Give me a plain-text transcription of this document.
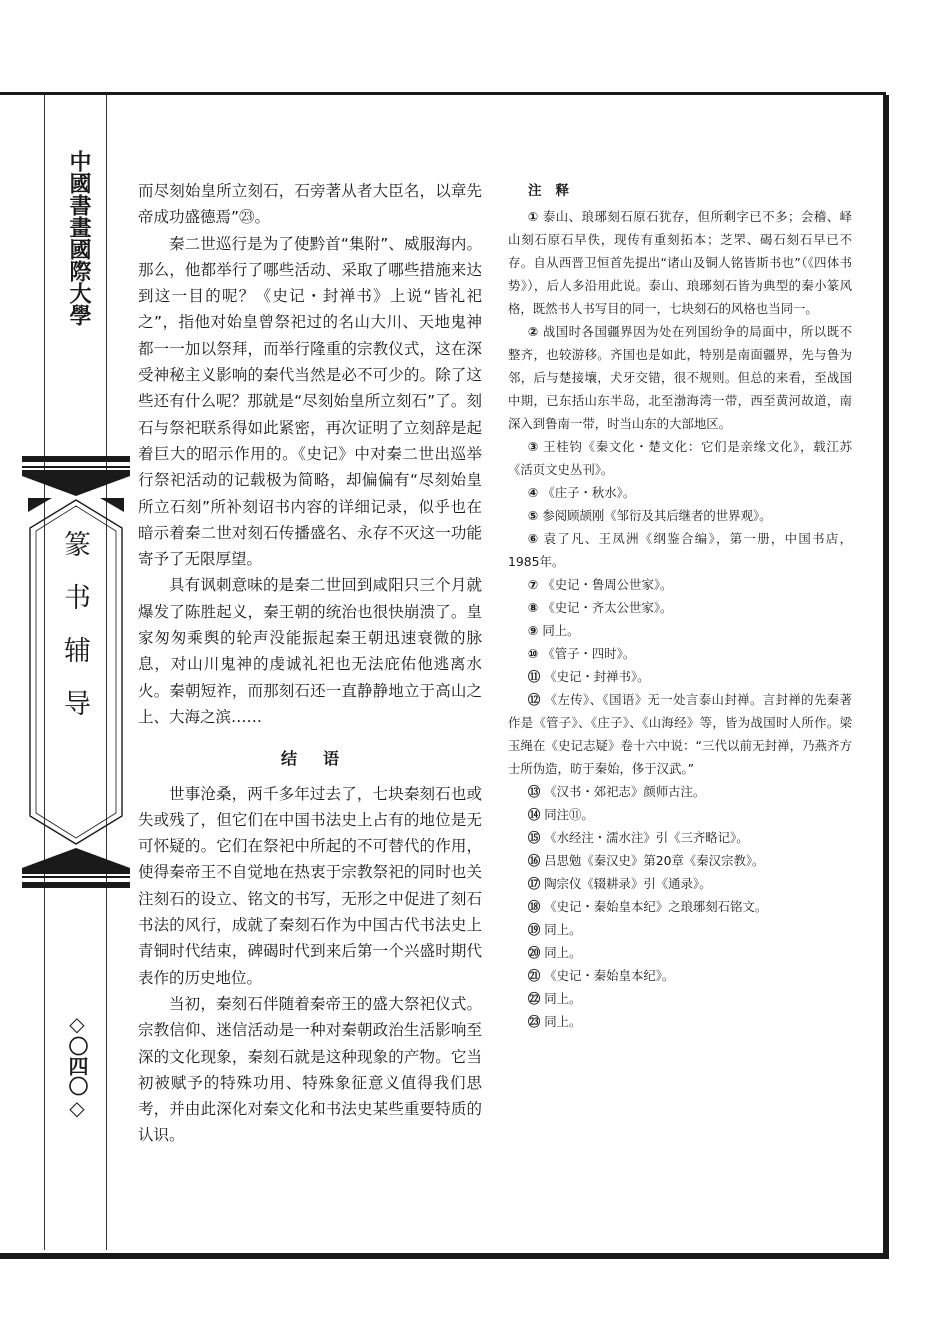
中國書畫國際大學
篆书辅导
◇〇四〇◇

而尽刻始皇所立刻石，石旁著从者大臣名，以章先帝成功盛德焉”㉓。

秦二世巡行是为了使黔首“集附”、威服海内。那么，他都举行了哪些活动、采取了哪些措施来达到这一目的呢？《史记・封禅书》上说“皆礼祀之”，指他对始皇曾祭祀过的名山大川、天地鬼神都一一加以祭拜，而举行隆重的宗教仪式，这在深受神秘主义影响的秦代当然是必不可少的。除了这些还有什么呢？那就是“尽刻始皇所立刻石”了。刻石与祭祀联系得如此紧密，再次证明了立刻辞是起着巨大的昭示作用的。《史记》中对秦二世出巡举行祭祀活动的记载极为简略，却偏偏有“尽刻始皇所立石刻”所补刻诏书内容的详细记录，似乎也在暗示着秦二世对刻石传播盛名、永存不灭这一功能寄予了无限厚望。

具有讽刺意味的是秦二世回到咸阳只三个月就爆发了陈胜起义，秦王朝的统治也很快崩溃了。皇家匆匆乘舆的轮声没能振起秦王朝迅速衰微的脉息，对山川鬼神的虔诚礼祀也无法庇佑他逃离水火。秦朝短祚，而那刻石还一直静静地立于高山之上、大海之滨……

结语

世事沧桑，两千多年过去了，七块秦刻石也或失或残了，但它们在中国书法史上占有的地位是无可怀疑的。它们在祭祀中所起的不可替代的作用，使得秦帝王不自觉地在热衷于宗教祭祀的同时也关注刻石的设立、铭文的书写，无形之中促进了刻石书法的风行，成就了秦刻石作为中国古代书法史上青铜时代结束，碑碣时代到来后第一个兴盛时期代表作的历史地位。

当初，秦刻石伴随着秦帝王的盛大祭祀仪式。宗教信仰、迷信活动是一种对秦朝政治生活影响至深的文化现象，秦刻石就是这种现象的产物。它当初被赋予的特殊功用、特殊象征意义值得我们思考，并由此深化对秦文化和书法史某些重要特质的认识。

注释

① 泰山、琅琊刻石原石犹存，但所剩字已不多；会稽、峄山刻石原石早佚，现传有重刻拓本；芝罘、碣石刻石早已不存。自从西晋卫恒首先提出“诸山及铜人铭皆斯书也”（《四体书势》），后人多沿用此说。泰山、琅琊刻石皆为典型的秦小篆风格，既然书人书写目的同一，七块刻石的风格也当同一。

② 战国时各国疆界因为处在列国纷争的局面中，所以既不整齐，也较游移。齐国也是如此，特别是南面疆界，先与鲁为邻，后与楚接壤，犬牙交错，很不规则。但总的来看，至战国中期，已东括山东半岛，北至渤海湾一带，西至黄河故道，南深入到鲁南一带，时当山东的大部地区。

③ 王桂钧《秦文化・楚文化：它们是亲缘文化》，载江苏《活页文史丛刊》。

④ 《庄子・秋水》。

⑤ 参阅顾颉刚《邹衍及其后继者的世界观》。

⑥ 袁了凡、王凤洲《纲鉴合编》，第一册，中国书店，1985年。

⑦ 《史记・鲁周公世家》。

⑧ 《史记・齐太公世家》。

⑨ 同上。

⑩ 《管子・四时》。

⑪ 《史记・封禅书》。

⑫ 《左传》、《国语》无一处言泰山封禅。言封禅的先秦著作是《管子》、《庄子》、《山海经》等，皆为战国时人所作。梁玉绳在《史记志疑》卷十六中说：“三代以前无封禅，乃燕齐方士所伪造，昉于秦始，侈于汉武。”

⑬ 《汉书・郊祀志》颜师古注。

⑭ 同注⑪。

⑮ 《水经注・濡水注》引《三齐略记》。

⑯ 吕思勉《秦汉史》第20章《秦汉宗教》。

⑰ 陶宗仪《辍耕录》引《通录》。

⑱ 《史记・秦始皇本纪》之琅琊刻石铭文。

⑲ 同上。

⑳ 同上。

㉑ 《史记・秦始皇本纪》。

㉒ 同上。

㉓ 同上。
